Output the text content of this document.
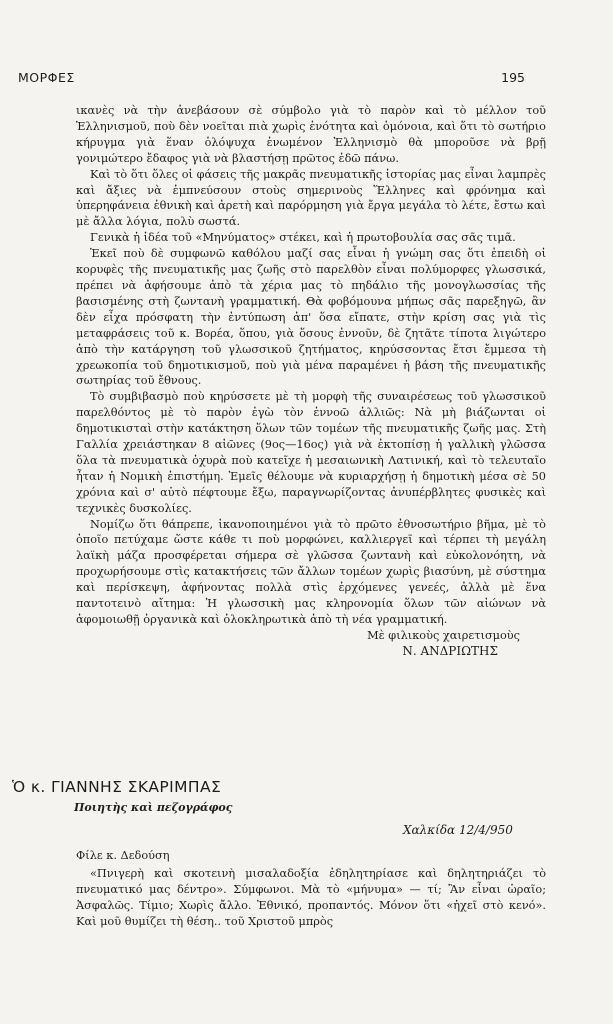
ΜΟΡΦΕΣ	195

ικανὲς νὰ τὴν ἀνεβάσουν σὲ σύμβολο γιὰ τὸ παρὸν καὶ τὸ μέλλον τοῦ Ἑλληνισμοῦ, ποὺ δὲν νοεῖται πιὰ χωρὶς ἑνότητα καὶ ὁμόνοια, καὶ ὅτι τὸ σωτήριο κήρυγμα γιὰ ἕναν ὁλόψυχα ἑνωμένον Ἑλληνισμὸ θὰ μποροῦσε νὰ βρῇ γονιμώτερο ἔδαφος γιὰ νὰ βλαστήσῃ πρῶτος ἐδῶ πάνω.

Καὶ τὸ ὅτι ὅλες οἱ φάσεις τῆς μακρᾶς πνευματικῆς ἱστορίας μας εἶναι λαμπρὲς καὶ ἄξιες νὰ ἐμπνεύσουν στοὺς σημερινοὺς Ἕλληνες καὶ φρόνημα καὶ ὑπερηφάνεια ἐθνικὴ καὶ ἀρετὴ καὶ παρόρμηση γιὰ ἔργα μεγάλα τὸ λέτε, ἔστω καὶ μὲ ἄλλα λόγια, πολὺ σωστά.

Γενικὰ ἡ ἰδέα τοῦ «Μηνύματος» στέκει, καὶ ἡ πρωτοβουλία σας σᾶς τιμᾶ.

Ἐκεῖ ποὺ δὲ συμφωνῶ καθόλου μαζί σας εἶναι ἡ γνώμη σας ὅτι ἐπειδὴ οἱ κορυφὲς τῆς πνευματικῆς μας ζωῆς στὸ παρελθὸν εἶναι πολύμορφες γλωσσικά, πρέπει νὰ ἀφήσουμε ἀπὸ τὰ χέρια μας τὸ πηδάλιο τῆς μονογλωσσίας τῆς βασισμένης στὴ ζωντανὴ γραμματική. Θὰ φοβόμουνα μήπως σᾶς παρεξηγῶ, ἂν δὲν εἶχα πρόσφατη τὴν ἐντύπωση ἀπ' ὅσα εἴπατε, στὴν κρίση σας γιὰ τὶς μεταφράσεις τοῦ κ. Βορέα, ὅπου, γιὰ ὅσους ἐννοῦν, δὲ ζητᾶτε τίποτα λιγώτερο ἀπὸ τὴν κατάργηση τοῦ γλωσσικοῦ ζητήματος, κηρύσσοντας ἔτσι ἔμμεσα τὴ χρεωκοπία τοῦ δημοτικισμοῦ, ποὺ γιὰ μένα παραμένει ἡ βάση τῆς πνευματικῆς σωτηρίας τοῦ ἔθνους.

Τὸ συμβιβασμὸ ποὺ κηρύσσετε μὲ τὴ μορφὴ τῆς συναιρέσεως τοῦ γλωσσικοῦ παρελθόντος μὲ τὸ παρὸν ἐγὼ τὸν ἐννοῶ ἀλλιῶς: Νὰ μὴ βιάζωνται οἱ δημοτικισταὶ στὴν κατάκτηση ὅλων τῶν τομέων τῆς πνευματικῆς ζωῆς μας. Στὴ Γαλλία χρειάστηκαν 8 αἰῶνες (9ος—16ος) γιὰ νὰ ἐκτοπίσῃ ἡ γαλλικὴ γλῶσσα ὅλα τὰ πνευματικὰ ὀχυρὰ ποὺ κατεῖχε ἡ μεσαιωνικὴ Λατινική, καὶ τὸ τελευταῖο ἦταν ἡ Νομικὴ ἐπιστήμη. Ἐμεῖς θέλουμε νὰ κυριαρχήσῃ ἡ δημοτικὴ μέσα σὲ 50 χρόνια καὶ σ' αὐτὸ πέφτουμε ἔξω, παραγνωρίζοντας ἀνυπέρβλητες φυσικὲς καὶ τεχνικὲς δυσκολίες.

Νομίζω ὅτι θάπρεπε, ἱκανοποιημένοι γιὰ τὸ πρῶτο ἐθνοσωτήριο βῆμα, μὲ τὸ ὁποῖο πετύχαμε ὥστε κάθε τι ποὺ μορφώνει, καλλιεργεῖ καὶ τέρπει τὴ μεγάλη λαϊκὴ μάζα προσφέρεται σήμερα σὲ γλῶσσα ζωντανὴ καὶ εὐκολονόητη, νὰ προχωρήσουμε στὶς κατακτήσεις τῶν ἄλλων τομέων χωρὶς βιασύνη, μὲ σύστημα καὶ περίσκεψη, ἀφήνοντας πολλὰ στὶς ἐρχόμενες γενεές, ἀλλὰ μὲ ἕνα παντοτεινὸ αἴτημα: Ἡ γλωσσικὴ μας κληρονομία ὅλων τῶν αἰώνων νὰ ἀφομοιωθῇ ὀργανικὰ καὶ ὁλοκληρωτικὰ ἀπὸ τὴ νέα γραμματική.

Μὲ φιλικοὺς χαιρετισμοὺς

Ν. ΑΝΔΡΙΩΤΗΣ

Ὁ κ. ΓΙΑΝΝΗΣ ΣΚΑΡΙΜΠΑΣ
Ποιητὴς καὶ πεζογράφος
Χαλκίδα 12/4/950

Φίλε κ. Δεδούση

«Πνιγερὴ καὶ σκοτεινὴ μισαλαδοξία ἐδηλητηρίασε καὶ δηλητηριάζει τὸ πνευματικό μας δέντρο». Σύμφωνοι. Μὰ τὸ «μήνυμα» — τί; Ἂν εἶναι ὡραῖο; Ἀσφαλῶς. Τίμιο; Χωρὶς ἄλλο. Ἐθνικό, προπαντός. Μόνον ὅτι «ἠχεῖ στὸ κενό». Καὶ μοῦ θυμίζει τὴ θέση.. τοῦ Χριστοῦ μπρὸς
